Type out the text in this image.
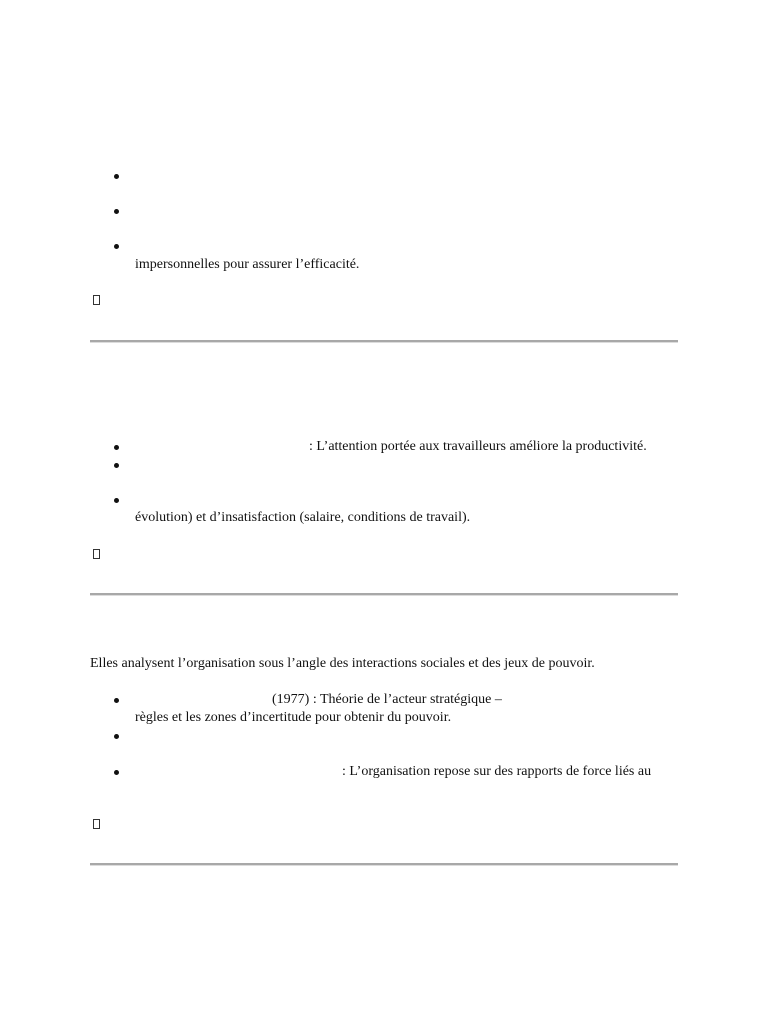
impersonnelles pour assurer l’efficacité.
: L’attention portée aux travailleurs améliore la productivité.
évolution) et d’insatisfaction (salaire, conditions de travail).

Elles analysent l’organisation sous l’angle des interactions sociales et des jeux de pouvoir.

(1977) : Théorie de l’acteur stratégique –
règles et les zones d’incertitude pour obtenir du pouvoir.
: L’organisation repose sur des rapports de force liés au
